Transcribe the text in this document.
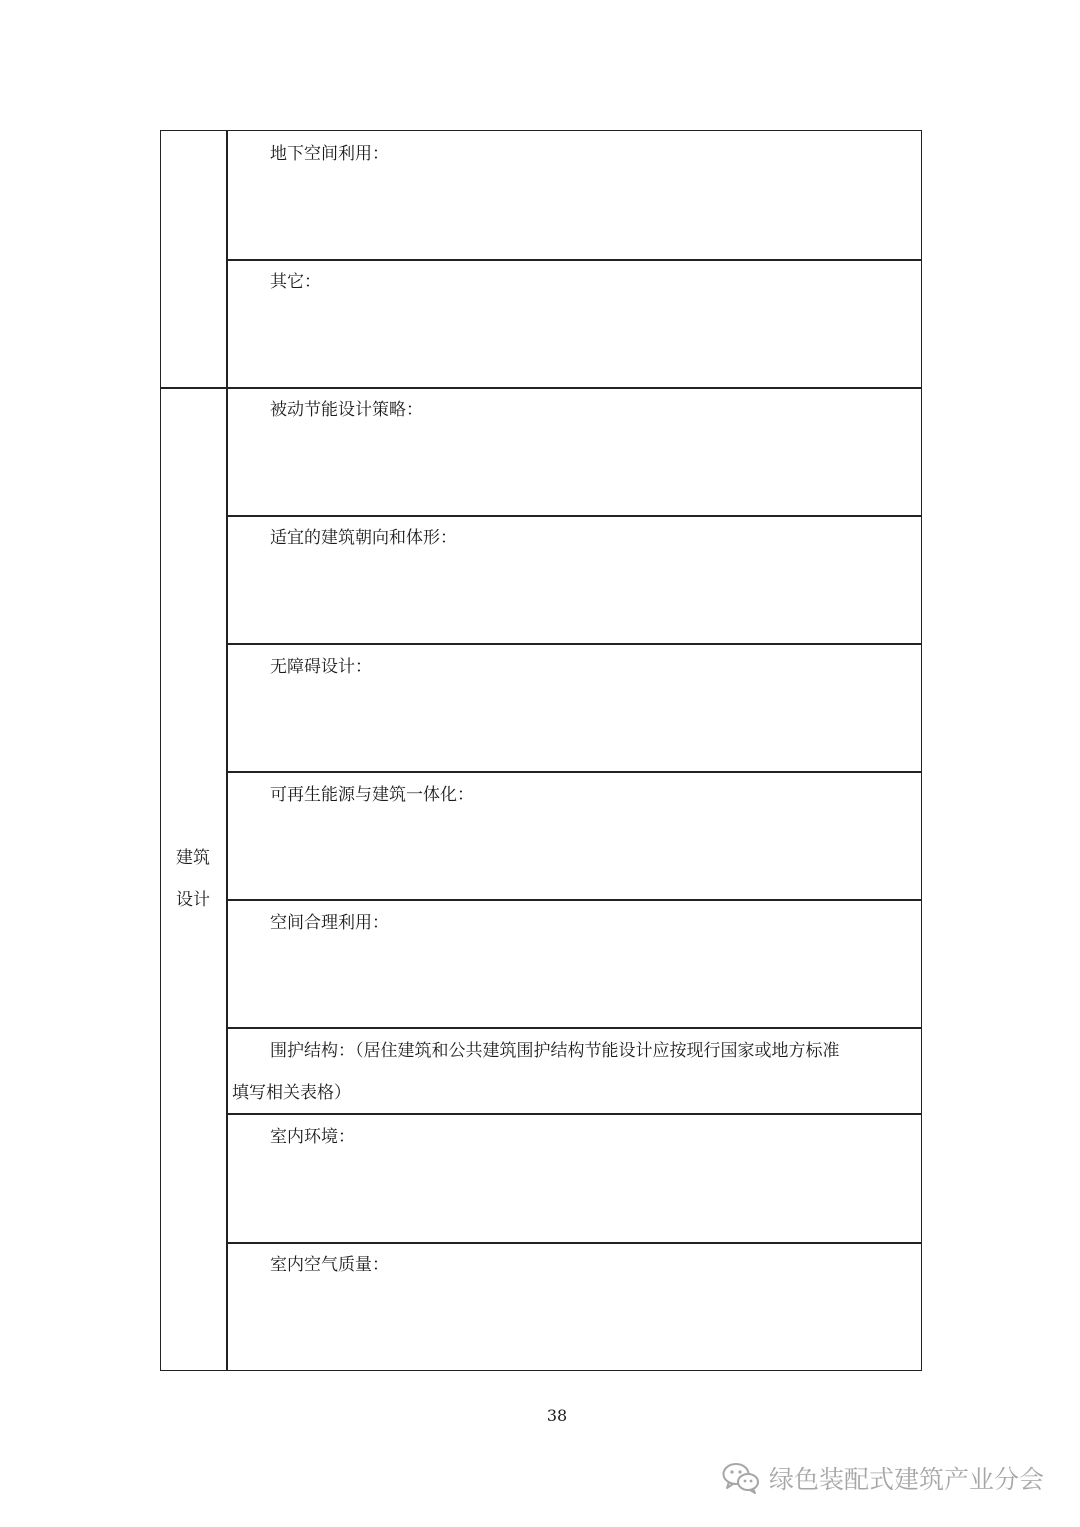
地下空间利用：
其它：
被动节能设计策略：
适宜的建筑朝向和体形：
无障碍设计：
可再生能源与建筑一体化：
空间合理利用：
围护结构：（居住建筑和公共建筑围护结构节能设计应按现行国家或地方标准
填写相关表格）
室内环境：
室内空气质量：
建筑
设计
38
绿色装配式建筑产业分会
